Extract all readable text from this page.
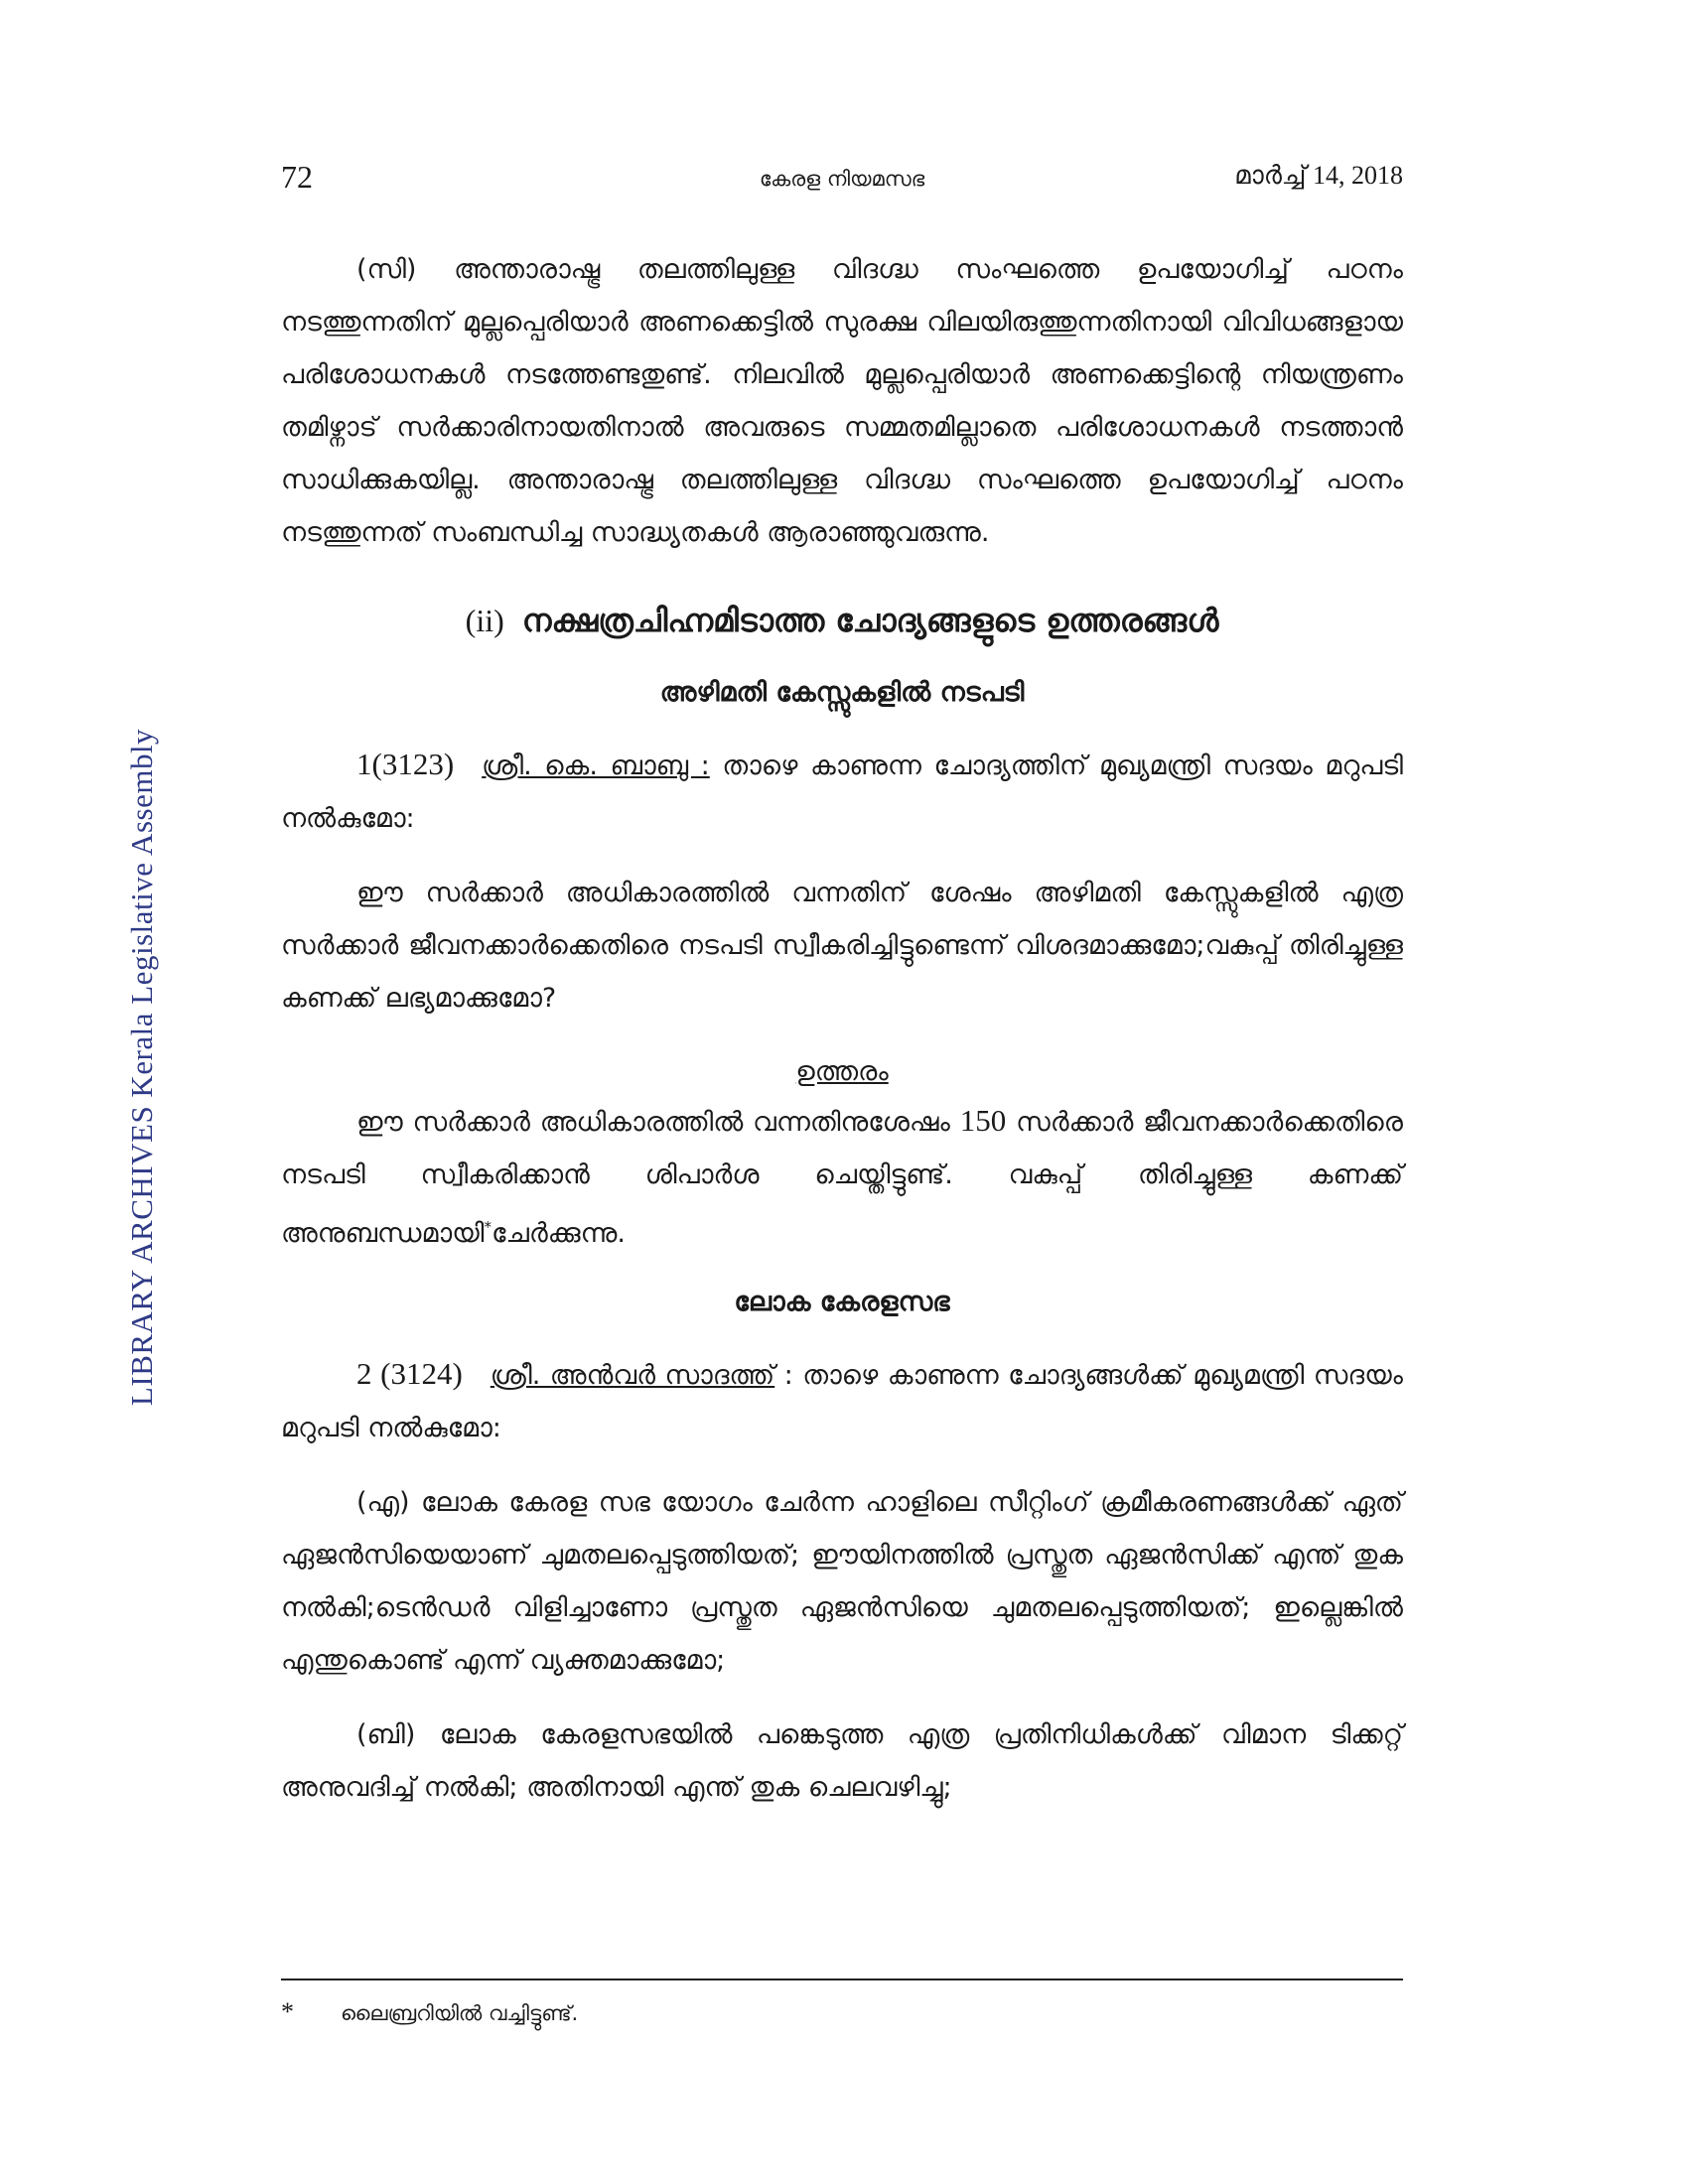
LIBRARY ARCHIVES Kerala Legislative Assembly
72	കേരള നിയമസഭ	മാർച്ച് 14, 2018

(സി) അന്താരാഷ്ട്ര തലത്തിലുള്ള വിദഗ്ദ്ധ സംഘത്തെ ഉപയോഗിച്ച് പഠനം നടത്തുന്നതിന് മുല്ലപ്പെരിയാർ അണക്കെട്ടിൽ സുരക്ഷ വിലയിരുത്തുന്നതിനായി വിവിധങ്ങളായ പരിശോധനകൾ നടത്തേണ്ടതുണ്ട്. നിലവിൽ മുല്ലപ്പെരിയാർ അണക്കെട്ടിന്റെ നിയന്ത്രണം തമിഴ്നാട് സർക്കാരിനായതിനാൽ അവരുടെ സമ്മതമില്ലാതെ പരിശോധനകൾ നടത്താൻ സാധിക്കുകയില്ല. അന്താരാഷ്ട്ര തലത്തിലുള്ള വിദഗ്ദ്ധ സംഘത്തെ ഉപയോഗിച്ച് പഠനം നടത്തുന്നത് സംബന്ധിച്ച സാദ്ധ്യതകൾ ആരാഞ്ഞുവരുന്നു.

(ii) നക്ഷത്രചിഹ്നമിടാത്ത ചോദ്യങ്ങളുടെ ഉത്തരങ്ങൾ
അഴിമതി കേസ്സുകളിൽ നടപടി

1(3123) ശ്രീ. കെ. ബാബു : താഴെ കാണുന്ന ചോദ്യത്തിന് മുഖ്യമന്ത്രി സദയം മറുപടി നൽകുമോ:

ഈ സർക്കാർ അധികാരത്തിൽ വന്നതിന് ശേഷം അഴിമതി കേസ്സുകളിൽ എത്ര സർക്കാർ ജീവനക്കാർക്കെതിരെ നടപടി സ്വീകരിച്ചിട്ടുണ്ടെന്ന് വിശദമാക്കുമോ;വകുപ്പ് തിരിച്ചുള്ള കണക്ക് ലഭ്യമാക്കുമോ?

ഉത്തരം

ഈ സർക്കാർ അധികാരത്തിൽ വന്നതിനുശേഷം 150 സർക്കാർ ജീവനക്കാർക്കെതിരെ നടപടി സ്വീകരിക്കാൻ ശിപാർശ ചെയ്തിട്ടുണ്ട്. വകുപ്പ് തിരിച്ചുള്ള കണക്ക് അനുബന്ധമായി*ചേർക്കുന്നു.

ലോക കേരളസഭ

2 (3124) ശ്രീ. അൻവർ സാദത്ത് : താഴെ കാണുന്ന ചോദ്യങ്ങൾക്ക് മുഖ്യമന്ത്രി സദയം മറുപടി നൽകുമോ:

(എ) ലോക കേരള സഭ യോഗം ചേർന്ന ഹാളിലെ സീറ്റിംഗ് ക്രമീകരണങ്ങൾക്ക് ഏത് ഏജൻസിയെയാണ് ചുമതലപ്പെടുത്തിയത്; ഈയിനത്തിൽ പ്രസ്തുത ഏജൻസിക്ക് എന്ത് തുക നൽകി;ടെൻഡർ വിളിച്ചാണോ പ്രസ്തുത ഏജൻസിയെ ചുമതലപ്പെടുത്തിയത്; ഇല്ലെങ്കിൽ എന്തുകൊണ്ട് എന്ന് വ്യക്തമാക്കുമോ;

(ബി) ലോക കേരളസഭയിൽ പങ്കെടുത്ത എത്ര പ്രതിനിധികൾക്ക് വിമാന ടിക്കറ്റ് അനുവദിച്ച് നൽകി; അതിനായി എന്ത് തുക ചെലവഴിച്ചു;

* ലൈബ്രറിയിൽ വച്ചിട്ടുണ്ട്.
